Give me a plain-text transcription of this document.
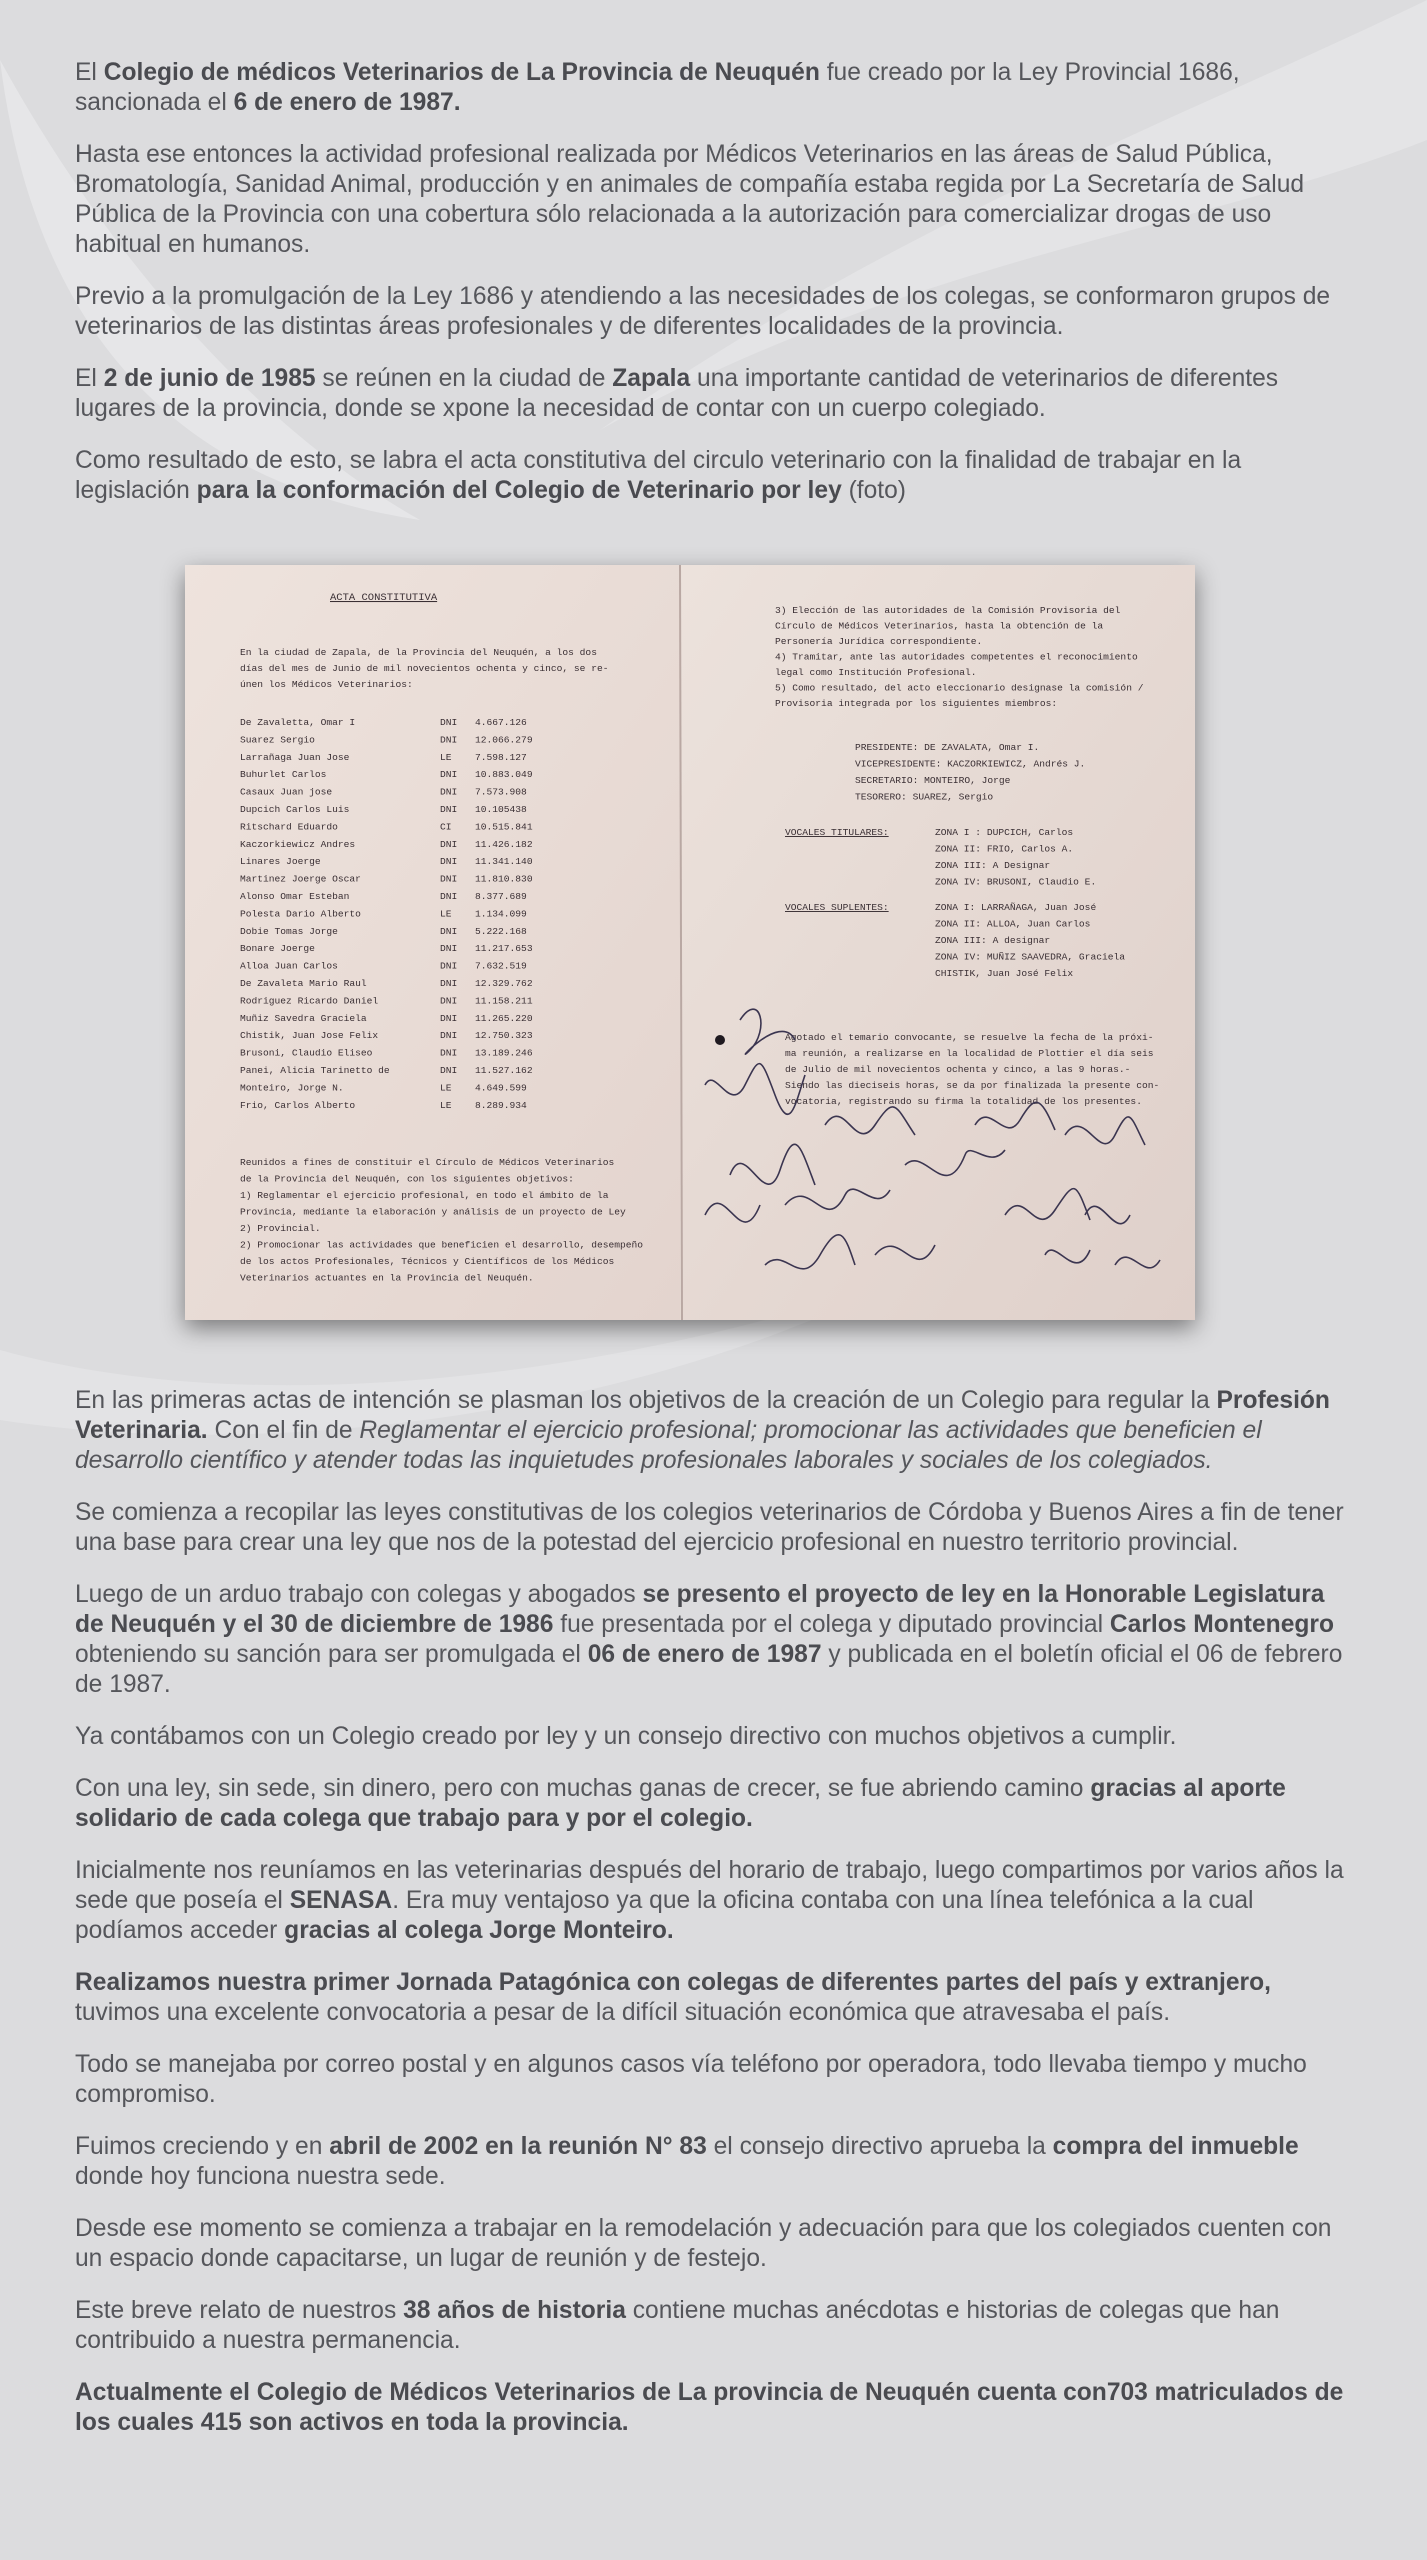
El Colegio de médicos Veterinarios de La Provincia de Neuquén fue creado por la Ley Provincial 1686, sancionada el 6 de enero de 1987.

Hasta ese entonces la actividad profesional realizada por Médicos Veterinarios en las áreas de Salud Pública, Bromatología, Sanidad Animal, producción y en animales de compañía estaba regida por La Secretaría de Salud Pública de la Provincia con una cobertura sólo relacionada a la autorización para comercializar drogas de uso habitual en humanos.

Previo a la promulgación de la Ley 1686 y atendiendo a las necesidades de los colegas, se conformaron grupos de veterinarios de las distintas áreas profesionales y de diferentes localidades de la provincia.

El 2 de junio de 1985 se reúnen en la ciudad de Zapala una importante cantidad de veterinarios de diferentes lugares de la provincia, donde se xpone la necesidad de contar con un cuerpo colegiado.

Como resultado de esto, se labra el acta constitutiva del circulo veterinario con la finalidad de trabajar en la legislación para la conformación del Colegio de Veterinario por ley (foto)

ACTA CONSTITUTIVA
En la ciudad de Zapala, de la Provincia del Neuquén, a los dos
días del mes de Junio de mil novecientos ochenta y cinco, se re-
únen los Médicos Veterinarios:
De Zavaletta, Omar I	DNI 4.667.126
Suarez Sergio	DNI 12.066.279
Larrañaga Juan Jose	LE 7.598.127
Buhurlet Carlos	DNI 10.883.049
Casaux Juan jose	DNI 7.573.908
Dupcich Carlos Luis	DNI 10.105438
Ritschard Eduardo	CI 10.515.841
Kaczorkiewicz Andres	DNI 11.426.182
Linares Joerge	DNI 11.341.140
Martinez Joerge Oscar	DNI 11.810.830
Alonso Omar Esteban	DNI 8.377.689
Polesta Dario Alberto	LE 1.134.099
Dobie Tomas Jorge	DNI 5.222.168
Bonare Joerge	DNI 11.217.653
Alloa Juan Carlos	DNI 7.632.519
De Zavaleta Mario Raul	DNI 12.329.762
Rodriguez Ricardo Daniel	DNI 11.158.211
Muñiz Savedra Graciela	DNI 11.265.220
Chistik, Juan Jose Felix	DNI 12.750.323
Brusoni, Claudio Eliseo	DNI 13.189.246
Panei, Alicia Tarinetto de	DNI 11.527.162
Monteiro, Jorge N.	LE 4.649.599
Frio, Carlos Alberto	LE 8.289.934
Reunidos a fines de constituir el Círculo de Médicos Veterinarios
de la Provincia del Neuquén, con los siguientes objetivos:
1) Reglamentar el ejercicio profesional, en todo el ámbito de la
Provincia, mediante la elaboración y análisis de un proyecto de Ley
2) Provincial.
2) Promocionar las actividades que beneficien el desarrollo, desempeño
de los actos Profesionales, Técnicos y Científicos de los Médicos
Veterinarios actuantes en la Provincia del Neuquén.
3) Elección de las autoridades de la Comisión Provisoria del
Círculo de Médicos Veterinarios, hasta la obtención de la
Personería Jurídica correspondiente.
4) Tramitar, ante las autoridades competentes el reconocimiento
legal como Institución Profesional.
5) Como resultado, del acto eleccionario designase la comisión /
Provisoria integrada por los siguientes miembros:
PRESIDENTE: DE ZAVALATA, Omar I.
VICEPRESIDENTE: KACZORKIEWICZ, Andrés J.
SECRETARIO: MONTEIRO, Jorge
TESORERO: SUAREZ, Sergio
VOCALES TITULARES:	ZONA I : DUPCICH, Carlos
ZONA II: FRIO, Carlos A.
ZONA III: A Designar
ZONA IV: BRUSONI, Claudio E.
VOCALES SUPLENTES:	ZONA I: LARRAÑAGA, Juan José
ZONA II: ALLOA, Juan Carlos
ZONA III: A designar
ZONA IV: MUÑIZ SAAVEDRA, Graciela
CHISTIK, Juan José Felix
Agotado el temario convocante, se resuelve la fecha de la próxi-
ma reunión, a realizarse en la localidad de Plottier el día seis
de Julio de mil novecientos ochenta y cinco, a las 9 horas.-
Siendo las dieciseis horas, se da por finalizada la presente con-
vocatoria, registrando su firma la totalidad de los presentes.

En las primeras actas de intención se plasman los objetivos de la creación de un Colegio para regular la Profesión Veterinaria. Con el fin de Reglamentar el ejercicio profesional; promocionar las actividades que beneficien el desarrollo científico y atender todas las inquietudes profesionales laborales y sociales de los colegiados.

Se comienza a recopilar las leyes constitutivas de los colegios veterinarios de Córdoba y Buenos Aires a fin de tener una base para crear una ley que nos de la potestad del ejercicio profesional en nuestro territorio provincial.

Luego de un arduo trabajo con colegas y abogados se presento el proyecto de ley en la Honorable Legislatura de Neuquén y el 30 de diciembre de 1986 fue presentada por el colega y diputado provincial Carlos Montenegro obteniendo su sanción para ser promulgada el 06 de enero de 1987 y publicada en el boletín oficial el 06 de febrero de 1987.

Ya contábamos con un Colegio creado por ley y un consejo directivo con muchos objetivos a cumplir.

Con una ley, sin sede, sin dinero, pero con muchas ganas de crecer, se fue abriendo camino gracias al aporte solidario de cada colega que trabajo para y por el colegio.

Inicialmente nos reuníamos en las veterinarias después del horario de trabajo, luego compartimos por varios años la sede que poseía el SENASA. Era muy ventajoso ya que la oficina contaba con una línea telefónica a la cual podíamos acceder gracias al colega Jorge Monteiro.

Realizamos nuestra primer Jornada Patagónica con colegas de diferentes partes del país y extranjero, tuvimos una excelente convocatoria a pesar de la difícil situación económica que atravesaba el país.

Todo se manejaba por correo postal y en algunos casos vía teléfono por operadora, todo llevaba tiempo y mucho compromiso.

Fuimos creciendo y en abril de 2002 en la reunión N° 83 el consejo directivo aprueba la compra del inmueble donde hoy funciona nuestra sede.

Desde ese momento se comienza a trabajar en la remodelación y adecuación para que los colegiados cuenten con un espacio donde capacitarse, un lugar de reunión y de festejo.

Este breve relato de nuestros 38 años de historia contiene muchas anécdotas e historias de colegas que han contribuido a nuestra permanencia.

Actualmente el Colegio de Médicos Veterinarios de La provincia de Neuquén cuenta con703 matriculados de los cuales 415 son activos en toda la provincia.
